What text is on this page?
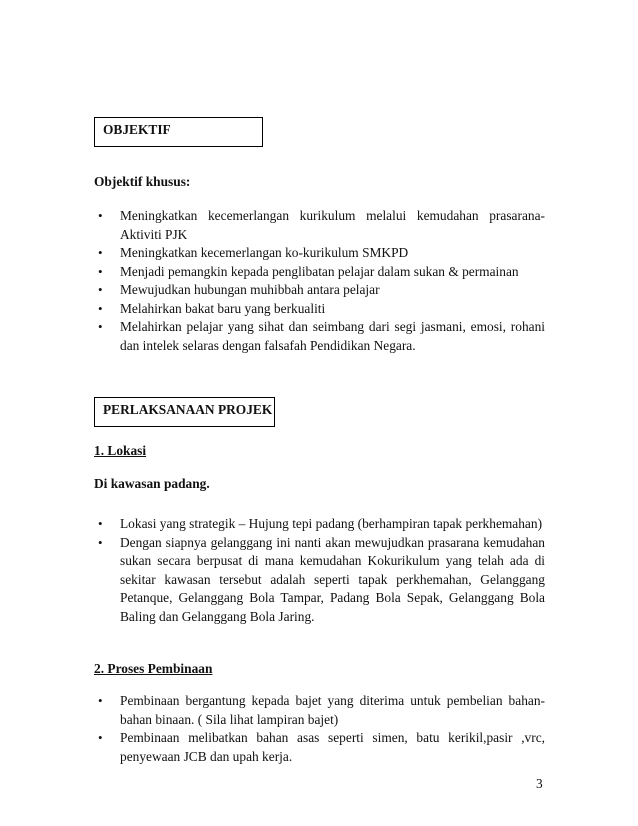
OBJEKTIF
Objektif khusus:
• Meningkatkan kecemerlangan kurikulum melalui kemudahan prasarana-Aktiviti PJK
• Meningkatkan kecemerlangan ko-kurikulum SMKPD
• Menjadi pemangkin kepada penglibatan pelajar dalam sukan & permainan
• Mewujudkan hubungan muhibbah antara pelajar
• Melahirkan bakat baru yang berkualiti
• Melahirkan pelajar yang sihat dan seimbang dari segi jasmani, emosi, rohani dan intelek selaras dengan falsafah Pendidikan Negara.
PERLAKSANAAN PROJEK
1. Lokasi
Di kawasan padang.
• Lokasi yang strategik – Hujung tepi padang (berhampiran tapak perkhemahan)
• Dengan siapnya gelanggang ini nanti akan mewujudkan prasarana kemudahan sukan secara berpusat di mana kemudahan Kokurikulum yang telah ada di sekitar kawasan tersebut adalah seperti tapak perkhemahan, Gelanggang Petanque, Gelanggang Bola Tampar, Padang Bola Sepak, Gelanggang Bola Baling dan Gelanggang Bola Jaring.
2. Proses Pembinaan
• Pembinaan bergantung kepada bajet yang diterima untuk pembelian bahan-bahan binaan. ( Sila lihat lampiran bajet)
• Pembinaan melibatkan bahan asas seperti simen, batu kerikil,pasir ,vrc, penyewaan JCB dan upah kerja.
3
